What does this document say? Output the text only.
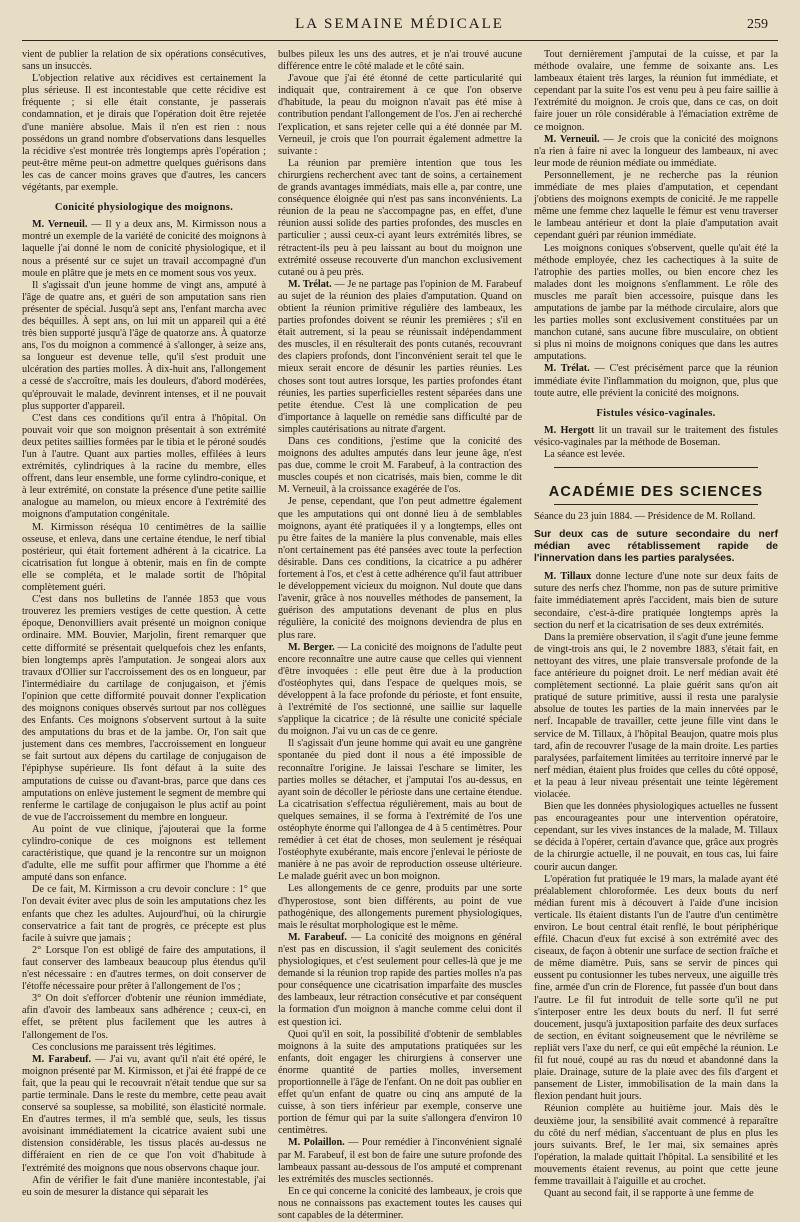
LA SEMAINE MÉDICALE	259

vient de publier la relation de six opérations consécutives, sans un insuccès.

L'objection relative aux récidives est certainement la plus sérieuse. Il est incontestable que cette récidive est fréquente ; si elle était constante, je passerais condamnation, et je dirais que l'opération doit être rejetée d'une manière absolue. Mais il n'en est rien : nous possédons un grand nombre d'observations dans lesquelles la récidive s'est montrée très longtemps après l'opération ; peut-être même peut-on admettre quelques guérisons dans les cas de cancer moins graves que d'autres, les cancers végétants, par exemple.

Conicité physiologique des moignons.

M. Verneuil. — Il y a deux ans, M. Kirmisson nous a montré un exemple de la variété de conicité des moignons à laquelle j'ai donné le nom de conicité physiologique, et il nous a présenté sur ce sujet un travail accompagné d'un moule en plâtre que je mets en ce moment sous vos yeux.

Il s'agissait d'un jeune homme de vingt ans, amputé à l'âge de quatre ans, et guéri de son amputation sans rien présenter de spécial. Jusqu'à sept ans, l'enfant marcha avec des béquilles. À sept ans, on lui mit un appareil qui a été très bien supporté jusqu'à l'âge de quatorze ans. À quatorze ans, l'os du moignon a commencé à s'allonger, à seize ans, sa longueur est devenue telle, qu'il s'est produit une ulcération des parties molles. À dix-huit ans, l'allongement a cessé de s'accroître, mais les douleurs, d'abord modérées, qu'éprouvait le malade, devinrent intenses, et il ne pouvait plus supporter d'appareil.

C'est dans ces conditions qu'il entra à l'hôpital. On pouvait voir que son moignon présentait à son extrémité deux petites saillies formées par le tibia et le péroné soudés l'un à l'autre. Quant aux parties molles, effilées à leurs extrémités, cylindriques à la racine du membre, elles offrent, dans leur ensemble, une forme cylindro-conique, et à leur extrémité, on constate la présence d'une petite saillie analogue au mamelon, ou mieux encore à l'extrémité des moignons d'amputation congénitale.

M. Kirmisson réséqua 10 centimètres de la saillie osseuse, et enleva, dans une certaine étendue, le nerf tibial postérieur, qui était fortement adhérent à la cicatrice. La cicatrisation fut longue à obtenir, mais en fin de compte elle se compléta, et le malade sortit de l'hôpital complètement guéri.

C'est dans nos bulletins de l'année 1853 que vous trouverez les premiers vestiges de cette question. À cette époque, Denonvilliers avait présenté un moignon conique ordinaire. MM. Bouvier, Marjolin, firent remarquer que cette difformité se présentait quelquefois chez les enfants, bien longtemps après l'amputation. Je songeai alors aux travaux d'Ollier sur l'accroissement des os en longueur, par l'intermédiaire du cartilage de conjugaison, et j'émis l'opinion que cette difformité pouvait donner l'explication des moignons coniques observés surtout par nos collègues des Enfants. Ces moignons s'observent surtout à la suite des amputations du bras et de la jambe. Or, l'on sait que justement dans ces membres, l'accroissement en longueur se fait surtout aux dépens du cartilage de conjugaison de l'épiphyse supérieure. Ils font défaut à la suite des amputations de cuisse ou d'avant-bras, parce que dans ces amputations on enlève justement le segment de membre qui renferme le cartilage de conjugaison le plus actif au point de vue de l'accroissement du membre en longueur.

Au point de vue clinique, j'ajouterai que la forme cylindro-conique de ces moignons est tellement caractéristique, que quand je la rencontre sur un moignon d'adulte, elle me suffit pour affirmer que l'homme a été amputé dans son enfance.

De ce fait, M. Kirmisson a cru devoir conclure : 1° que l'on devait éviter avec plus de soin les amputations chez les enfants que chez les adultes. Aujourd'hui, où la chirurgie conservatrice a fait tant de progrès, ce précepte est plus facile à suivre que jamais ;

2° Lorsque l'on est obligé de faire des amputations, il faut conserver des lambeaux beaucoup plus étendus qu'il n'est nécessaire : en d'autres termes, on doit conserver de l'étoffe nécessaire pour prêter à l'allongement de l'os ;

3° On doit s'efforcer d'obtenir une réunion immédiate, afin d'avoir des lambeaux sans adhérence ; ceux-ci, en effet, se prêtent plus facilement que les autres à l'allongement de l'os.

Ces conclusions me paraissent très légitimes.

M. Farabeuf. — J'ai vu, avant qu'il n'ait été opéré, le moignon présenté par M. Kirmisson, et j'ai été frappé de ce fait, que la peau qui le recouvrait n'était tendue que sur sa partie terminale. Dans le reste du membre, cette peau avait conservé sa souplesse, sa mobilité, son élasticité normale. En d'autres termes, il m'a semblé que, seuls, les tissus avoisinant immédiatement la cicatrice avaient subi une distension considérable, les tissus placés au-dessus ne différaient en rien de ce que l'on voit d'habitude à l'extrémité des moignons que nous observons chaque jour.

Afin de vérifier le fait d'une manière incontestable, j'ai eu soin de mesurer la distance qui séparait les

bulbes pileux les uns des autres, et je n'ai trouvé aucune différence entre le côté malade et le côté sain.

J'avoue que j'ai été étonné de cette particularité qui indiquait que, contrairement à ce que l'on observe d'habitude, la peau du moignon n'avait pas été mise à contribution pendant l'allongement de l'os. J'en ai recherché l'explication, et sans rejeter celle qui a été donnée par M. Verneuil, je crois que l'on pourrait également admettre la suivante :

La réunion par première intention que tous les chirurgiens recherchent avec tant de soins, a certainement de grands avantages immédiats, mais elle a, par contre, une conséquence éloignée qui n'est pas sans inconvénients. La réunion de la peau ne s'accompagne pas, en effet, d'une réunion aussi solide des parties profondes, des muscles en particulier ; aussi ceux-ci ayant leurs extrémités libres, se rétractent-ils peu à peu laissant au bout du moignon une extrémité osseuse recouverte d'un manchon exclusivement cutané ou à peu près.

M. Trélat. — Je ne partage pas l'opinion de M. Farabeuf au sujet de la réunion des plaies d'amputation. Quand on obtient la réunion primitive régulière des lambeaux, les parties profondes doivent se réunir les premières ; s'il en était autrement, si la peau se réunissait indépendamment des muscles, il en résulterait des ponts cutanés, recouvrant des clapiers profonds, dont l'inconvénient serait tel que le mieux serait encore de désunir les parties réunies. Les choses sont tout autres lorsque, les parties profondes étant réunies, les parties superficielles restent séparées dans une petite étendue. C'est là une complication de peu d'importance à laquelle on remédie sans difficulté par de simples cautérisations au nitrate d'argent.

Dans ces conditions, j'estime que la conicité des moignons des adultes amputés dans leur jeune âge, n'est pas due, comme le croit M. Farabeuf, à la contraction des muscles coupés et non cicatrisés, mais bien, comme le dit M. Verneuil, à la croissance exagérée de l'os.

Je pense, cependant, que l'on peut admettre également que les amputations qui ont donné lieu à de semblables moignons, ayant été pratiquées il y a longtemps, elles ont pu être faites de la manière la plus convenable, mais elles n'ont certainement pas été pansées avec toute la perfection désirable. Dans ces conditions, la cicatrice a pu adhérer fortement à l'os, et c'est à cette adhérence qu'il faut attribuer le développement vicieux du moignon. Nul doute que dans l'avenir, grâce à nos nouvelles méthodes de pansement, la guérison des amputations devenant de plus en plus régulière, la conicité des moignons deviendra de plus en plus rare.

M. Berger. — La conicité des moignons de l'adulte peut encore reconnaître une autre cause que celles qui viennent d'être invoquées : elle peut être due à la production d'ostéophytes qui, dans l'espace de quelques mois, se développent à la face profonde du périoste, et font ensuite, à l'extrémité de l'os sectionné, une saillie sur laquelle s'applique la cicatrice ; de là résulte une conicité spéciale du moignon. J'ai vu un cas de ce genre.

Il s'agissait d'un jeune homme qui avait eu une gangrène spontanée du pied dont il nous a été impossible de reconnaître l'origine. Je laissai l'eschare se limiter, les parties molles se détacher, et j'amputai l'os au-dessus, en ayant soin de décoller le périoste dans une certaine étendue. La cicatrisation s'effectua régulièrement, mais au bout de quelques semaines, il se forma à l'extrémité de l'os une ostéophyte énorme qui l'allongea de 4 à 5 centimètres. Pour remédier à cet état de choses, mon seulement je réséquai l'ostéophyte exubérante, mais encore j'enlevai le périoste de manière à ne pas avoir de reproduction osseuse ultérieure. Le malade guérit avec un bon moignon.

Les allongements de ce genre, produits par une sorte d'hyperostose, sont bien différents, au point de vue pathogénique, des allongements purement physiologiques, mais le résultat morphologique est le même.

M. Farabeuf. — La conicité des moignons en général n'est pas en discussion, il s'agit seulement des conicités physiologiques, et c'est seulement pour celles-là que je me demande si la réunion trop rapide des parties molles n'a pas pour conséquence une cicatrisation imparfaite des muscles des lambeaux, leur rétraction consécutive et par conséquent la formation d'un moignon à manche comme celui dont il est question ici.

Quoi qu'il en soit, la possibilité d'obtenir de semblables moignons à la suite des amputations pratiquées sur les enfants, doit engager les chirurgiens à conserver une énorme quantité de parties molles, inversement proportionnelle à l'âge de l'enfant. On ne doit pas oublier en effet qu'un enfant de quatre ou cinq ans amputé de la cuisse, à son tiers inférieur par exemple, conserve une portion de fémur qui par la suite s'allongera d'environ 10 centimètres.

M. Polaillon. — Pour remédier à l'inconvénient signalé par M. Farabeuf, il est bon de faire une suture profonde des lambeaux passant au-dessous de l'os amputé et comprenant les extrémités des muscles sectionnés.

En ce qui concerne la conicité des lambeaux, je crois que nous ne connaissons pas exactement toutes les causes qui sont capables de la déterminer.

Tout dernièrement j'amputai de la cuisse, et par la méthode ovalaire, une femme de soixante ans. Les lambeaux étaient très larges, la réunion fut immédiate, et cependant par la suite l'os est venu peu à peu faire saillie à l'extrémité du moignon. Je crois que, dans ce cas, on doit faire jouer un rôle considérable à l'émaciation extrême de ce moignon.

M. Verneuil. — Je crois que la conicité des moignons n'a rien à faire ni avec la longueur des lambeaux, ni avec leur mode de réunion médiate ou immédiate.

Personnellement, je ne recherche pas la réunion immédiate de mes plaies d'amputation, et cependant j'obtiens des moignons exempts de conicité. Je me rappelle même une femme chez laquelle le fémur est venu traverser le lambeau antérieur et dont la plaie d'amputation avait cependant guéri par réunion immédiate.

Les moignons coniques s'observent, quelle qu'ait été la méthode employée, chez les cachectiques à la suite de l'atrophie des parties molles, ou bien encore chez les malades dont les moignons s'enflamment. Le rôle des muscles me paraît bien accessoire, puisque dans les amputations de jambe par la méthode circulaire, alors que les parties molles sont exclusivement constituées par un manchon cutané, sans aucune fibre musculaire, on obtient si plus ni moins de moignons coniques que dans les autres amputations.

M. Trélat. — C'est précisément parce que la réunion immédiate évite l'inflammation du moignon, que, plus que toute autre, elle prévient la conicité des moignons.

Fistules vésico-vaginales.

M. Hergott lit un travail sur le traitement des fistules vésico-vaginales par la méthode de Boseman.

La séance est levée.

ACADÉMIE DES SCIENCES

Séance du 23 juin 1884. — Présidence de M. Rolland.

Sur deux cas de suture secondaire du nerf médian avec rétablissement rapide de l'innervation dans les parties paralysées.

M. Tillaux donne lecture d'une note sur deux faits de suture des nerfs chez l'homme, non pas de suture primitive faite immédiatement après l'accident, mais bien de suture secondaire, c'est-à-dire pratiquée longtemps après la section du nerf et la cicatrisation de ses deux extrémités.

Dans la première observation, il s'agit d'une jeune femme de vingt-trois ans qui, le 2 novembre 1883, s'était fait, en nettoyant des vitres, une plaie transversale profonde de la face antérieure du poignet droit. Le nerf médian avait été complètement sectionné. La plaie guérit sans qu'on ait pratiqué de suture primitive, aussi il resta une paralysie absolue de toutes les parties de la main innervées par le nerf. Incapable de travailler, cette jeune fille vint dans le service de M. Tillaux, à l'hôpital Beaujon, quatre mois plus tard, afin de recouvrer l'usage de la main droite. Les parties paralysées, parfaitement limitées au territoire innervé par le nerf médian, étaient plus froides que celles du côté opposé, et la peau à leur niveau présentait une teinte légèrement violacée.

Bien que les données physiologiques actuelles ne fussent pas encourageantes pour une intervention opératoire, cependant, sur les vives instances de la malade, M. Tillaux se décida à l'opérer, certain d'avance que, grâce aux progrès de la chirurgie actuelle, il ne pouvait, en tous cas, lui faire courir aucun danger.

L'opération fut pratiquée le 19 mars, la malade ayant été préalablement chloroformée. Les deux bouts du nerf médian furent mis à découvert à l'aide d'une incision verticale. Ils étaient distants l'un de l'autre d'un centimètre environ. Le bout central était renflé, le bout périphérique effilé. Chacun d'eux fut excisé à son extrémité avec des ciseaux, de façon à obtenir une surface de section fraîche et de même diamètre. Puis, sans se servir de pinces qui eussent pu contusionner les tubes nerveux, une aiguille très fine, armée d'un crin de Florence, fut passée d'un bout dans l'autre. Le fil fut introduit de telle sorte qu'il ne put s'interposer entre les deux bouts du nerf. Il fut serré doucement, jusqu'à juxtaposition parfaite des deux surfaces de section, en évitant soigneusement que le névrilème se repliât vers l'axe du nerf, ce qui eût empêché la réunion. Le fil fut noué, coupé au ras du nœud et abandonné dans la plaie. Drainage, suture de la plaie avec des fils d'argent et pansement de Lister, immobilisation de la main dans la flexion pendant huit jours.

Réunion complète au huitième jour. Mais dès le deuxième jour, la sensibilité avait commencé à reparaître du côté du nerf médian, s'accentuant de plus en plus les jours suivants. Bref, le 1er mai, six semaines après l'opération, la malade quittait l'hôpital. La sensibilité et les mouvements étaient revenus, au point que cette jeune femme travaillait à l'aiguille et au crochet.

Quant au second fait, il se rapporte à une femme de
